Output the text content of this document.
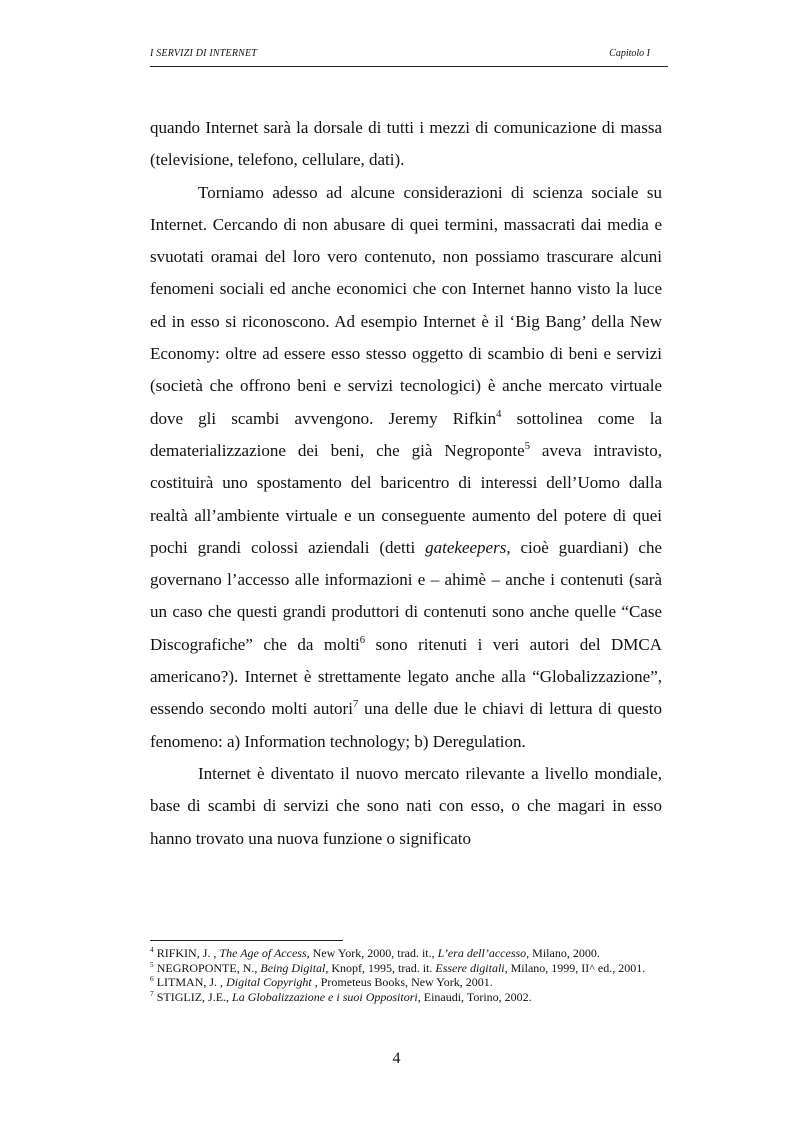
I SERVIZI DI INTERNET	Capitolo I

quando Internet sarà la dorsale di tutti i mezzi di comunicazione di massa (televisione, telefono, cellulare, dati).

Torniamo adesso ad alcune considerazioni di scienza sociale su Internet. Cercando di non abusare di quei termini, massacrati dai media e svuotati oramai del loro vero contenuto, non possiamo trascurare alcuni fenomeni sociali ed anche economici che con Internet hanno visto la luce ed in esso si riconoscono. Ad esempio Internet è il ‘Big Bang’ della New Economy: oltre ad essere esso stesso oggetto di scambio di beni e servizi (società che offrono beni e servizi tecnologici) è anche mercato virtuale dove gli scambi avvengono. Jeremy Rifkin$^4$ sottolinea come la dematerializzazione dei beni, che già Negroponte$^5$ aveva intravisto, costituirà uno spostamento del baricentro di interessi dell’Uomo dalla realtà all’ambiente virtuale e un conseguente aumento del potere di quei pochi grandi colossi aziendali (detti gatekeepers, cioè guardiani) che governano l’accesso alle informazioni e – ahimè – anche i contenuti (sarà un caso che questi grandi produttori di contenuti sono anche quelle “Case Discografiche” che da molti$^6$ sono ritenuti i veri autori del DMCA americano?). Internet è strettamente legato anche alla “Globalizzazione”, essendo secondo molti autori$^7$ una delle due le chiavi di lettura di questo fenomeno: a) Information technology; b) Deregulation.

Internet è diventato il nuovo mercato rilevante a livello mondiale, base di scambi di servizi che sono nati con esso, o che magari in esso hanno trovato una nuova funzione o significato

$^4$ RIFKIN, J. , The Age of Access, New York, 2000, trad. it., L’era dell’accesso, Milano, 2000.

$^5$ NEGROPONTE, N., Being Digital, Knopf, 1995, trad. it. Essere digitali, Milano, 1999, II^ ed., 2001.

$^6$ LITMAN, J. , Digital Copyright , Prometeus Books, New York, 2001.

$^7$ STIGLIZ, J.E., La Globalizzazione e i suoi Oppositori, Einaudi, Torino, 2002.

4
